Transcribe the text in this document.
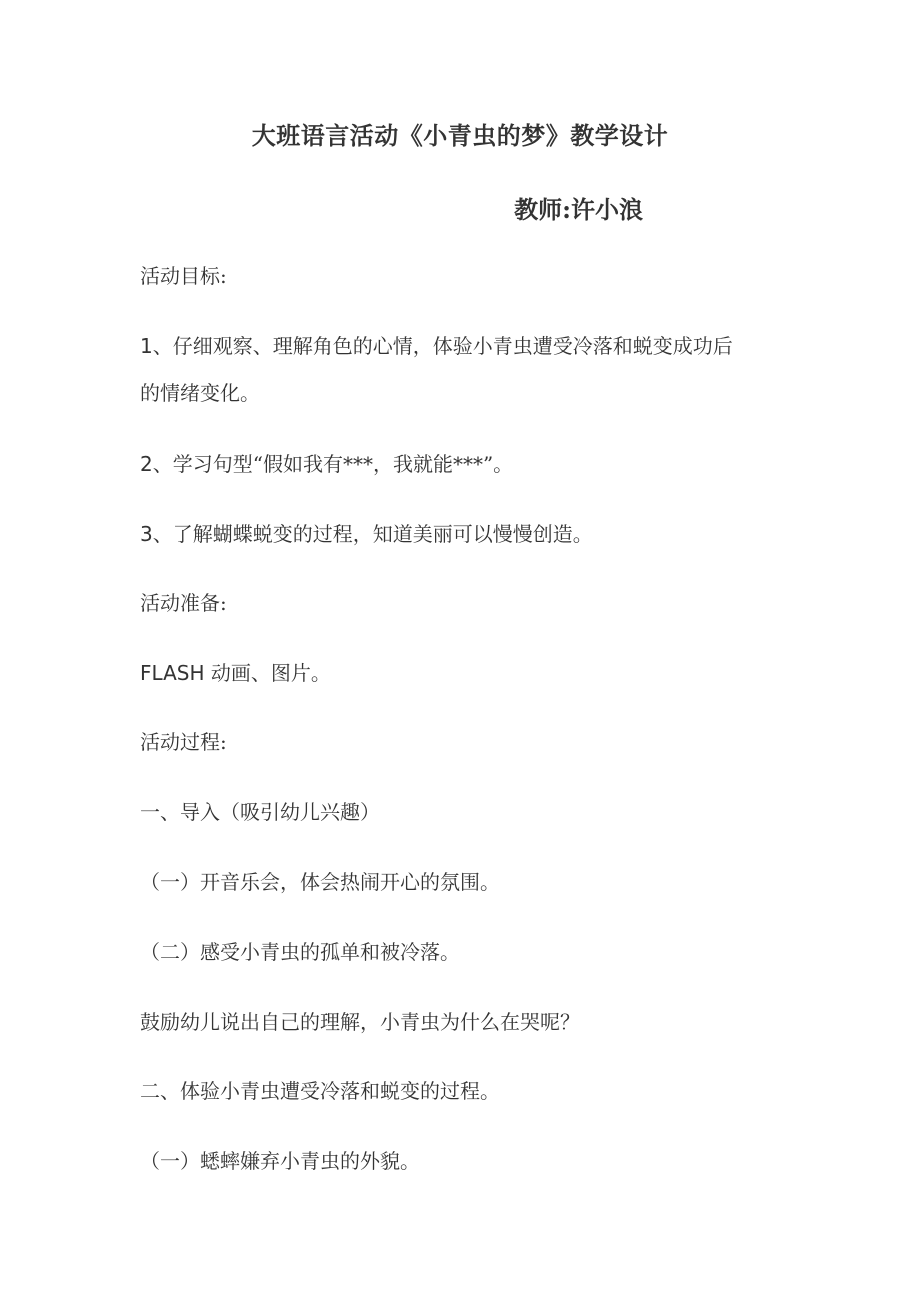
大班语言活动《小青虫的梦》教学设计

教师:许小浪

活动目标:

1、仔细观察、理解角色的心情，体验小青虫遭受冷落和蜕变成功后

的情绪变化。

2、学习句型“假如我有***，我就能***”。

3、了解蝴蝶蜕变的过程，知道美丽可以慢慢创造。

活动准备:

FLASH 动画、图片。

活动过程:

一、导入（吸引幼儿兴趣）

（一）开音乐会，体会热闹开心的氛围。

（二）感受小青虫的孤单和被冷落。

鼓励幼儿说出自己的理解，小青虫为什么在哭呢？

二、体验小青虫遭受冷落和蜕变的过程。

（一）蟋蟀嫌弃小青虫的外貌。
